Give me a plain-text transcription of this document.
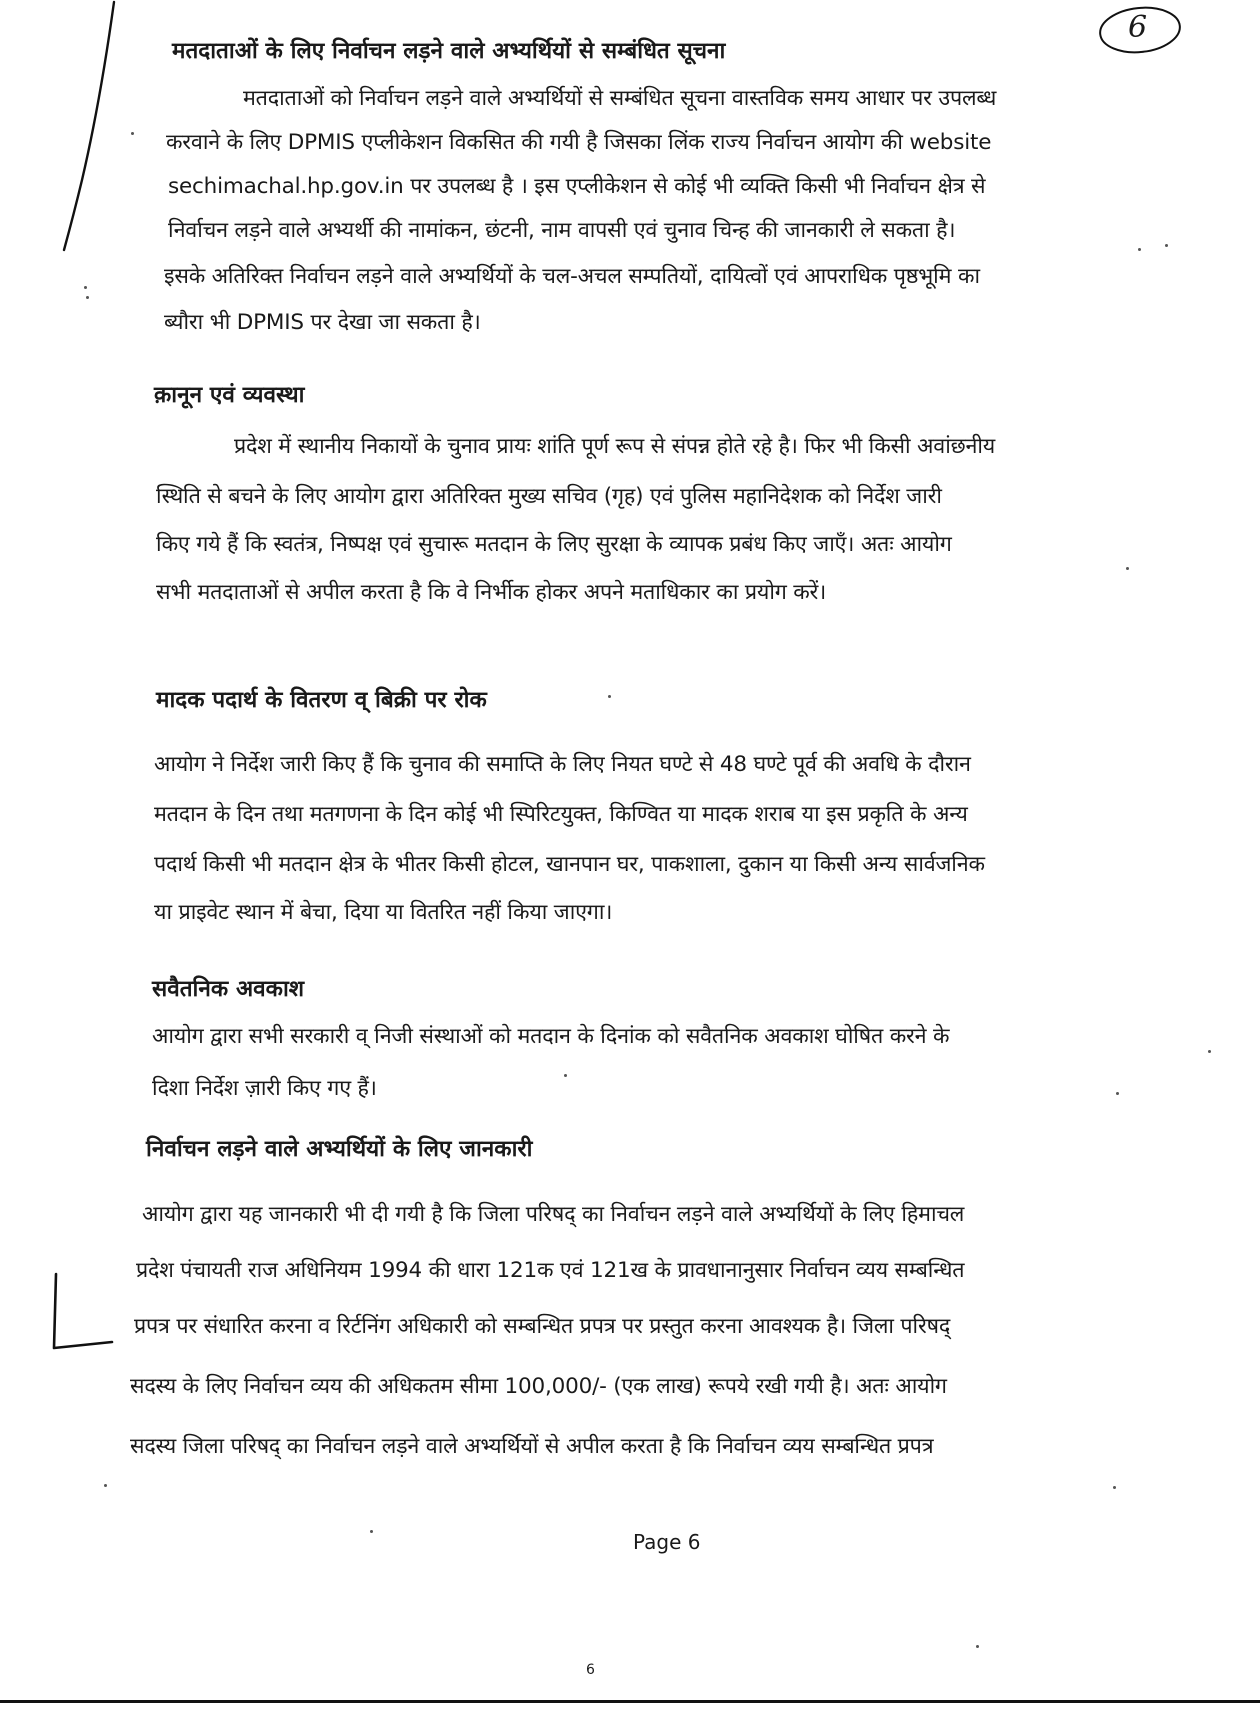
6
मतदाताओं के लिए निर्वाचन लड़ने वाले अभ्यर्थियों से सम्बंधित सूचना
मतदाताओं को निर्वाचन लड़ने वाले अभ्यर्थियों से सम्बंधित सूचना वास्तविक समय आधार पर उपलब्ध
करवाने के लिए DPMIS एप्लीकेशन विकसित की गयी है जिसका लिंक राज्य निर्वाचन आयोग की website
sechimachal.hp.gov.in पर उपलब्ध है । इस एप्लीकेशन से कोई भी व्यक्ति किसी भी निर्वाचन क्षेत्र से
निर्वाचन लड़ने वाले अभ्यर्थी की नामांकन, छंटनी, नाम वापसी एवं चुनाव चिन्ह की जानकारी ले सकता है।
इसके अतिरिक्त निर्वाचन लड़ने वाले अभ्यर्थियों के चल-अचल सम्पतियों, दायित्वों एवं आपराधिक पृष्ठभूमि का
ब्यौरा भी DPMIS पर देखा जा सकता है।
क़ानून एवं व्यवस्था
प्रदेश में स्थानीय निकायों के चुनाव प्रायः शांति पूर्ण रूप से संपन्न होते रहे है। फिर भी किसी अवांछनीय
स्थिति से बचने के लिए आयोग द्वारा अतिरिक्त मुख्य सचिव (गृह) एवं पुलिस महानिदेशक को निर्देश जारी
किए गये हैं कि स्वतंत्र, निष्पक्ष एवं सुचारू मतदान के लिए सुरक्षा के व्यापक प्रबंध किए जाएँ। अतः आयोग
सभी मतदाताओं से अपील करता है कि वे निर्भीक होकर अपने मताधिकार का प्रयोग करें।
मादक पदार्थ के वितरण व् बिक्री पर रोक
आयोग ने निर्देश जारी किए हैं कि चुनाव की समाप्ति के लिए नियत घण्टे से 48 घण्टे पूर्व की अवधि के दौरान
मतदान के दिन तथा मतगणना के दिन कोई भी स्पिरिटयुक्त, किण्वित या मादक शराब या इस प्रकृति के अन्य
पदार्थ किसी भी मतदान क्षेत्र के भीतर किसी होटल, खानपान घर, पाकशाला, दुकान या किसी अन्य सार्वजनिक
या प्राइवेट स्थान में बेचा, दिया या वितरित नहीं किया जाएगा।
सवैतनिक अवकाश
आयोग द्वारा सभी सरकारी व् निजी संस्थाओं को मतदान के दिनांक को सवैतनिक अवकाश घोषित करने के
दिशा निर्देश ज़ारी किए गए हैं।
निर्वाचन लड़ने वाले अभ्यर्थियों के लिए जानकारी
आयोग द्वारा यह जानकारी भी दी गयी है कि जिला परिषद् का निर्वाचन लड़ने वाले अभ्यर्थियों के लिए हिमाचल
प्रदेश पंचायती राज अधिनियम 1994 की धारा 121क एवं 121ख के प्रावधानानुसार निर्वाचन व्यय सम्बन्धित
प्रपत्र पर संधारित करना व रिर्टनिंग अधिकारी को सम्बन्धित प्रपत्र पर प्रस्तुत करना आवश्यक है। जिला परिषद्
सदस्य के लिए निर्वाचन व्यय की अधिकतम सीमा 100,000/- (एक लाख) रूपये रखी गयी है। अतः आयोग
सदस्य जिला परिषद् का निर्वाचन लड़ने वाले अभ्यर्थियों से अपील करता है कि निर्वाचन व्यय सम्बन्धित प्रपत्र
Page 6
6
